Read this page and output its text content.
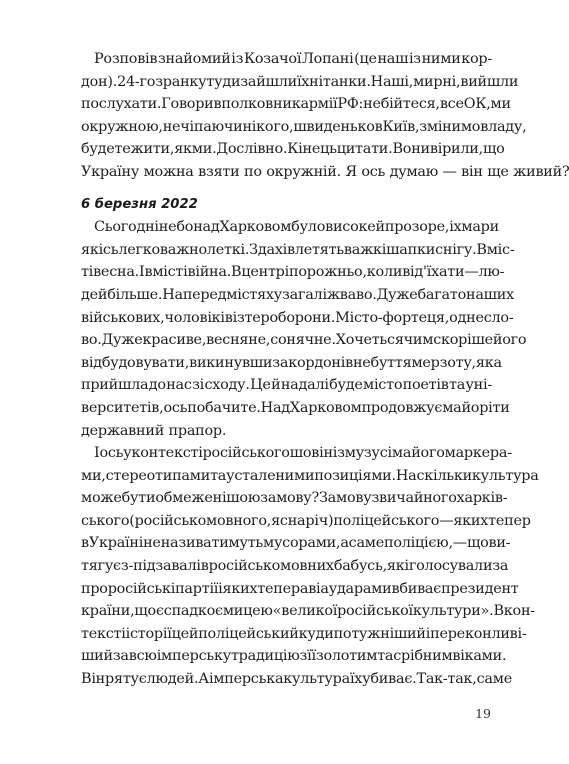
Розповів знайомий із Козачої Лопані (це наш із ними кор-
дон). 24-го зранку туди зайшли їхні танки. Наші, мирні, вийшли
послухати. Говорив полковник армії РФ: не бійтеся, все ОК, ми
окружною, не чіпаючи нікого, швиденько в Київ, змінимо владу,
будете жити, як ми. Дослівно. Кінець цитати. Вони вірили, що
Україну можна взяти по окружній. Я ось думаю — він ще живий?
6 березня 2022
Сьогодні небо над Харковом було високе й прозоре, і хмари
якісь легковажно леткі. З дахів летять важкі шапки снігу. В міс-
ті весна. І в місті війна. В центрі порожньо, коли від'їхати — лю-
дей більше. На передмістях узагалі жваво. Дуже багато наших
військових, чоловіків із тероборони. Місто-фортеця, одне сло-
во. Дуже красиве, весняне, сонячне. Хочеться чимскоріше його
відбудовувати, викинувши за кордон і в небуття мерзоту, яка
прийшла до нас зі сходу. Це й надалі буде місто поетів та уні-
верситетів, ось побачите. Над Харковом продовжує майоріти
державний прапор.
І ось у контексті російського шовінізму з усіма його маркера-
ми, стереотипами та усталеними позиціями. Наскільки культура
може бути обмеженішою за мову? За мову звичайного харків-
ського (російськомовного, ясна річ) поліцейського — яких тепер
в Україні не називатимуть мусорами, а саме поліцією, — що ви-
тягує з-під завалів російськомовних бабусь, які голосували за
проросійські партії і яких тепер авіаударами вбиває президент
країни, що є спадкоємицею «великої російської культури». В кон-
тексті історії цей поліцейський куди потужніший і переконливі-
ший за всю імперську традицію з її золотим та срібним віками.
Він рятує людей. А імперська культура їх убиває. Так-так, саме
19
